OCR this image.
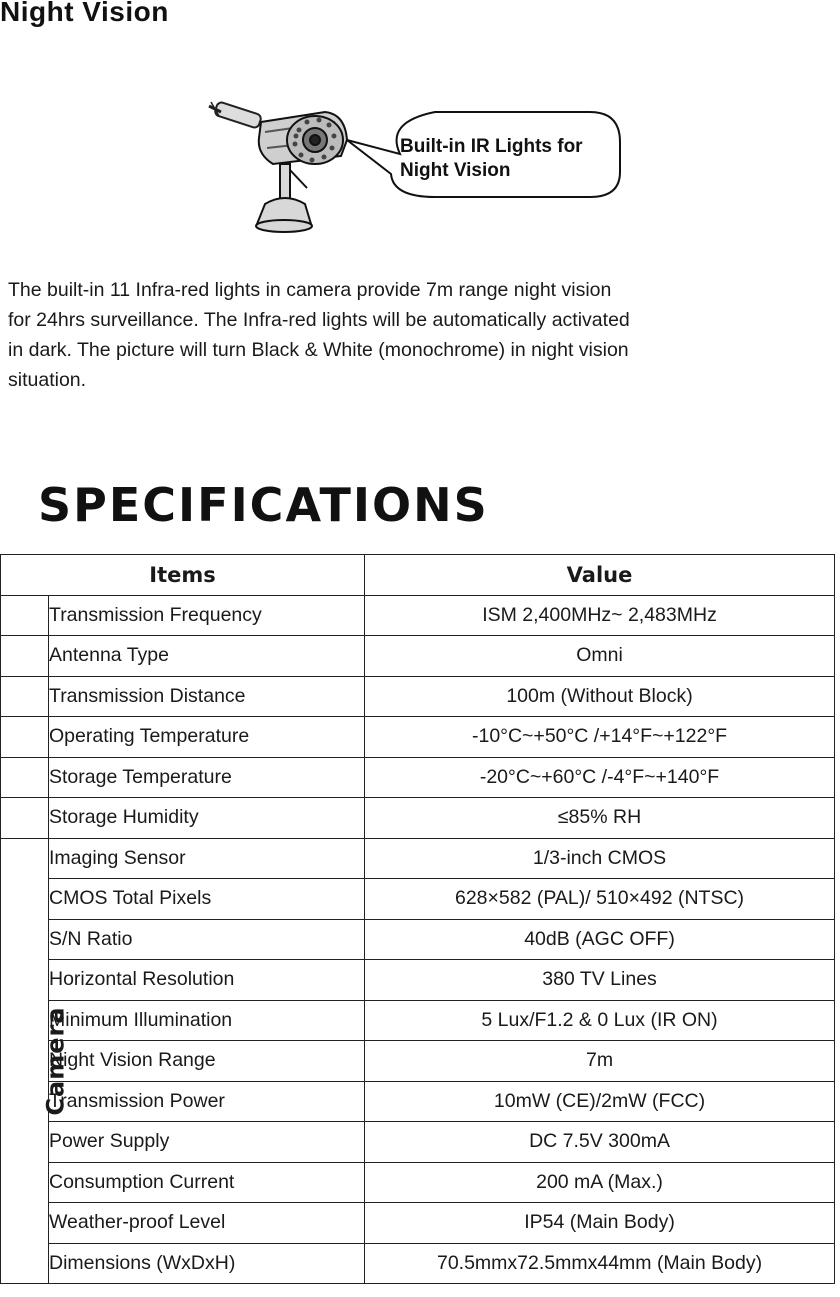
Night Vision
Built-in IR Lights for
Night Vision

The built-in 11 Infra-red lights in camera provide 7m range night vision

for 24hrs surveillance. The Infra-red lights will be automatically activated

in dark. The picture will turn Black & White (monochrome) in night vision

situation.

SPECIFICATIONS
Items		Value
	Transmission Frequency	ISM 2,400MHz~ 2,483MHz
	Antenna Type	Omni
	Transmission Distance	100m (Without Block)
	Operating Temperature	-10°C~+50°C /+14°F~+122°F
	Storage Temperature	-20°C~+60°C /-4°F~+140°F
	Storage Humidity	≤85% RH
Camera	Imaging Sensor	1/3-inch CMOS
	CMOS Total Pixels	628×582 (PAL)/ 510×492 (NTSC)
	S/N Ratio	40dB (AGC OFF)
	Horizontal Resolution	380 TV Lines
	Minimum Illumination	5 Lux/F1.2 & 0 Lux (IR ON)
	Night Vision Range	7m
	Transmission Power	10mW (CE)/2mW (FCC)
	Power Supply	DC 7.5V 300mA
	Consumption Current	200 mA (Max.)
	Weather-proof Level	IP54 (Main Body)
	Dimensions (WxDxH)	70.5mmx72.5mmx44mm (Main Body)
